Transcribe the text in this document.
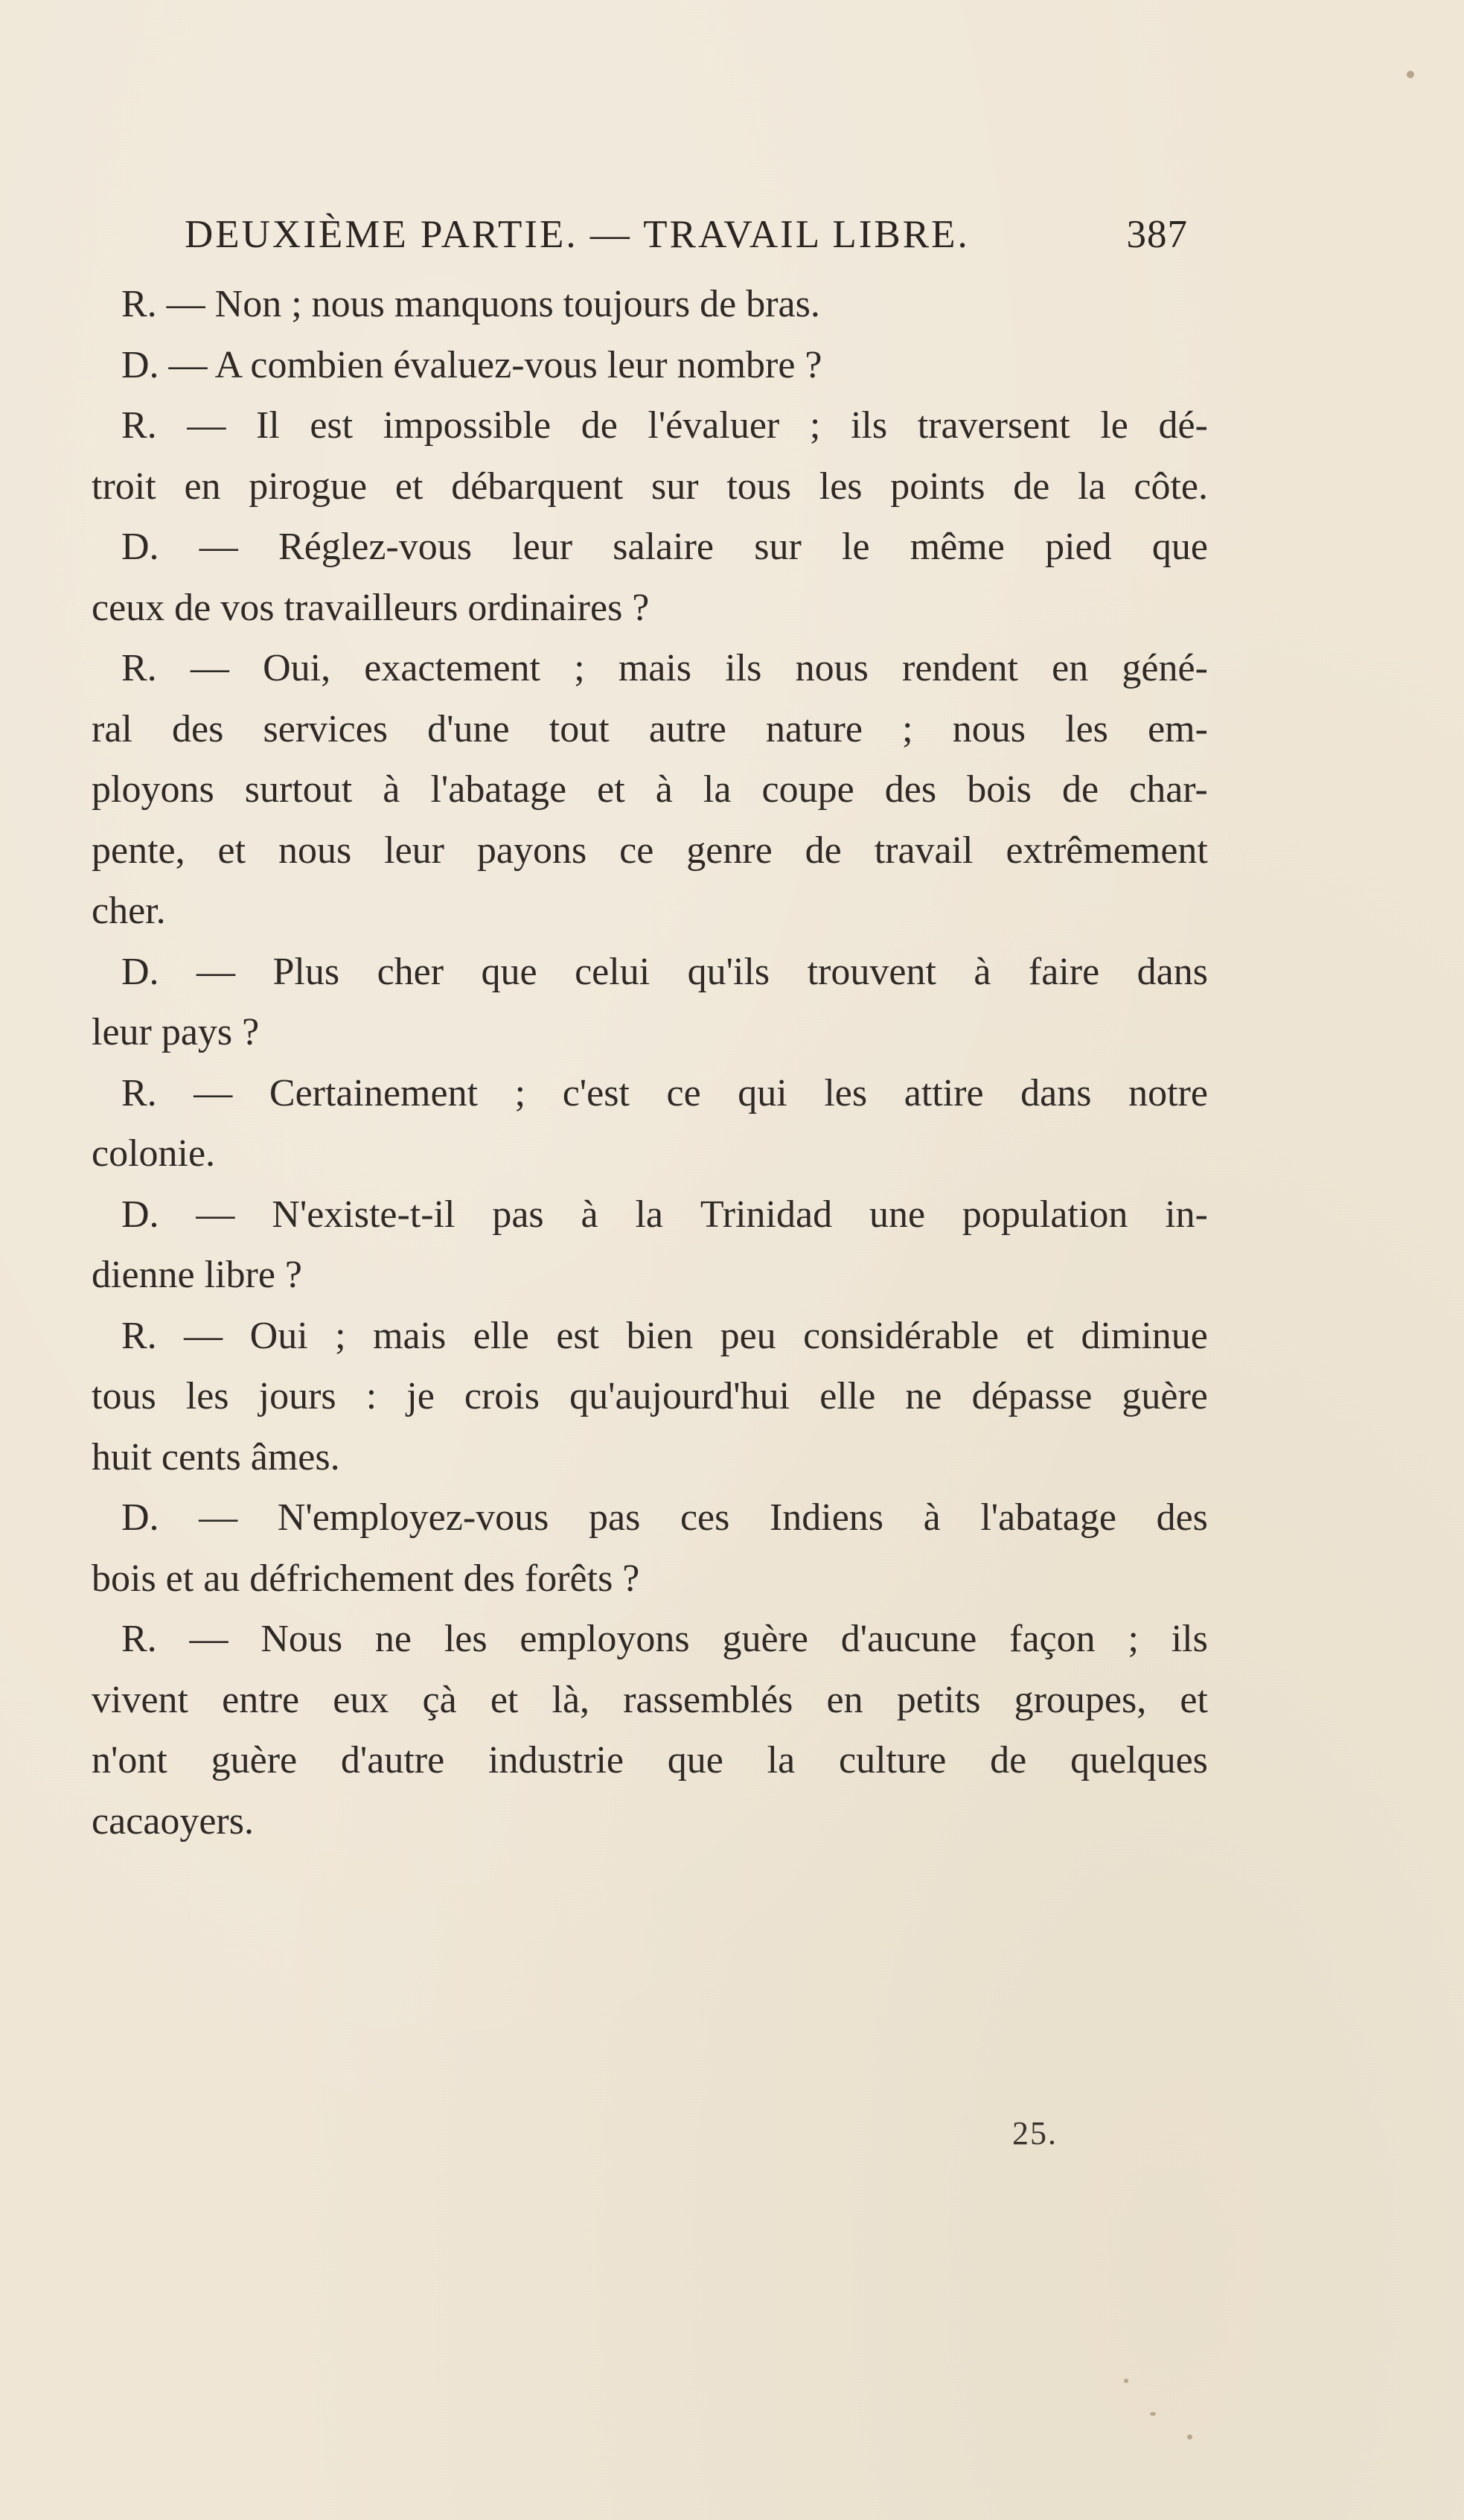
DEUXIÈME PARTIE. — TRAVAIL LIBRE.	387
R. — Non ; nous manquons toujours de bras.
D. — A combien évaluez-vous leur nombre ?
R. — Il est impossible de l'évaluer ; ils traversent le dé-
troit en pirogue et débarquent sur tous les points de la côte.
D. — Réglez-vous leur salaire sur le même pied que
ceux de vos travailleurs ordinaires ?
R. — Oui, exactement ; mais ils nous rendent en géné-
ral des services d'une tout autre nature ; nous les em-
ployons surtout à l'abatage et à la coupe des bois de char-
pente, et nous leur payons ce genre de travail extrêmement
cher.
D. — Plus cher que celui qu'ils trouvent à faire dans
leur pays ?
R. — Certainement ; c'est ce qui les attire dans notre
colonie.
D. — N'existe-t-il pas à la Trinidad une population in-
dienne libre ?
R. — Oui ; mais elle est bien peu considérable et diminue
tous les jours : je crois qu'aujourd'hui elle ne dépasse guère
huit cents âmes.
D. — N'employez-vous pas ces Indiens à l'abatage des
bois et au défrichement des forêts ?
R. — Nous ne les employons guère d'aucune façon ; ils
vivent entre eux çà et là, rassemblés en petits groupes, et
n'ont guère d'autre industrie que la culture de quelques
cacaoyers.
25.
